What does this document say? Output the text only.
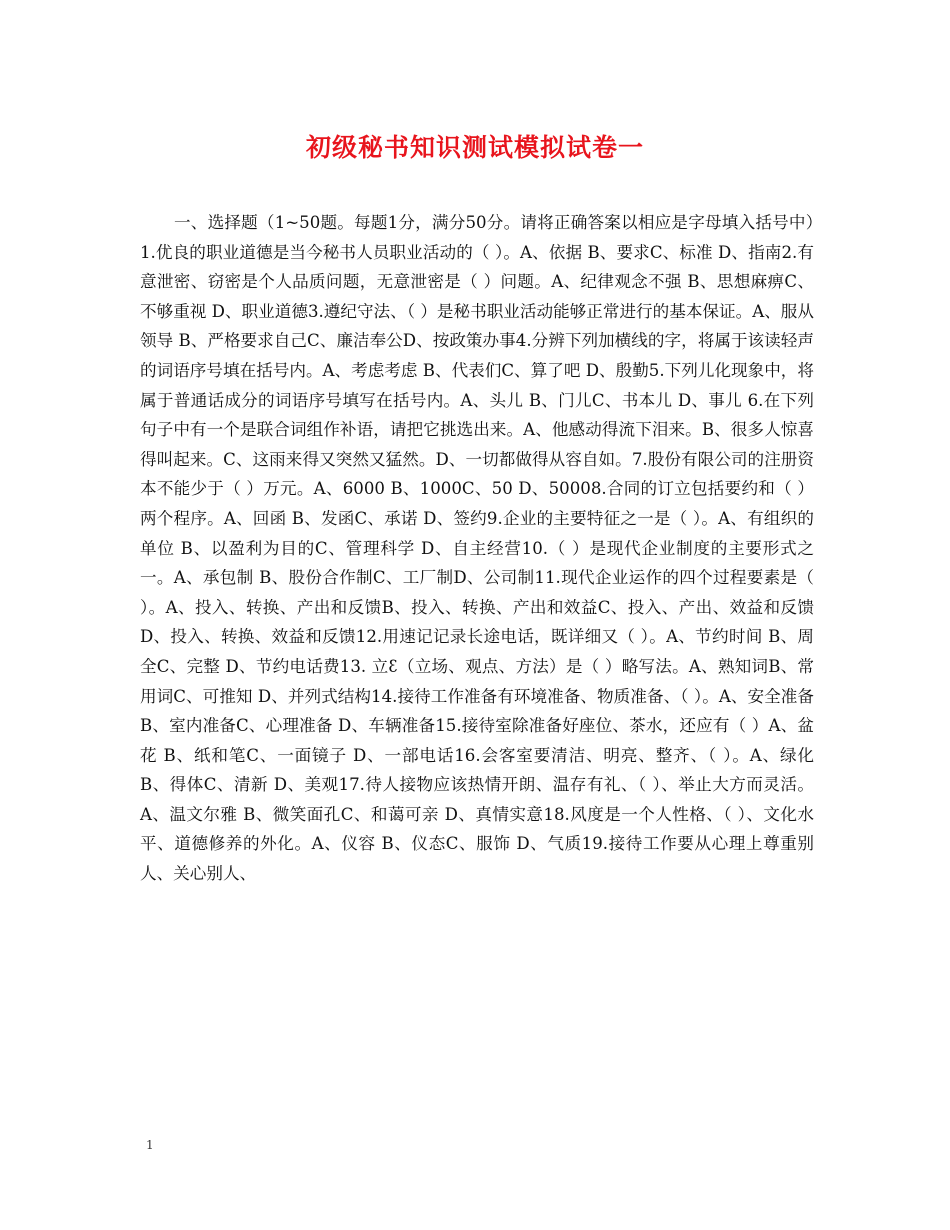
初级秘书知识测试模拟试卷一

一、选择题（1~50题。每题1分，满分50分。请将正确答案以相应是字母填入括号中）1.优良的职业道德是当今秘书人员职业活动的（ ）。A、依据 B、要求C、标准 D、指南2.有意泄密、窃密是个人品质问题，无意泄密是（ ）问题。A、纪律观念不强 B、思想麻痹C、不够重视 D、职业道德3.遵纪守法、（ ）是秘书职业活动能够正常进行的基本保证。A、服从领导 B、严格要求自己C、廉洁奉公D、按政策办事4.分辨下列加横线的字，将属于该读轻声的词语序号填在括号内。A、考虑考虑 B、代表们C、算了吧 D、殷勤5.下列儿化现象中，将属于普通话成分的词语序号填写在括号内。A、头儿 B、门儿C、书本儿 D、事儿 6.在下列句子中有一个是联合词组作补语，请把它挑选出来。A、他感动得流下泪来。B、很多人惊喜得叫起来。C、这雨来得又突然又猛然。D、一切都做得从容自如。7.股份有限公司的注册资本不能少于（ ）万元。A、6000 B、1000C、50 D、50008.合同的订立包括要约和（ ）两个程序。A、回函 B、发函C、承诺 D、签约9.企业的主要特征之一是（ ）。A、有组织的单位 B、以盈利为目的C、管理科学 D、自主经营10.（ ）是现代企业制度的主要形式之一。A、承包制 B、股份合作制C、工厂制D、公司制11.现代企业运作的四个过程要素是（ ）。A、投入、转换、产出和反馈B、投入、转换、产出和效益C、投入、产出、效益和反馈D、投入、转换、效益和反馈12.用速记记录长途电话，既详细又（ ）。A、节约时间 B、周全C、完整 D、节约电话费13. 立ꜫ（立场、观点、方法）是（ ）略写法。A、熟知词B、常用词C、可推知 D、并列式结构14.接待工作准备有环境准备、物质准备、（ ）。A、安全准备 B、室内准备C、心理准备 D、车辆准备15.接待室除准备好座位、茶水，还应有（ ）A、盆花 B、纸和笔C、一面镜子 D、一部电话16.会客室要清洁、明亮、整齐、（ ）。A、绿化 B、得体C、清新 D、美观17.待人接物应该热情开朗、温存有礼、（ ）、举止大方而灵活。A、温文尔雅 B、微笑面孔C、和蔼可亲 D、真情实意18.风度是一个人性格、（ ）、文化水平、道德修养的外化。A、仪容 B、仪态C、服饰 D、气质19.接待工作要从心理上尊重别人、关心别人、

1
